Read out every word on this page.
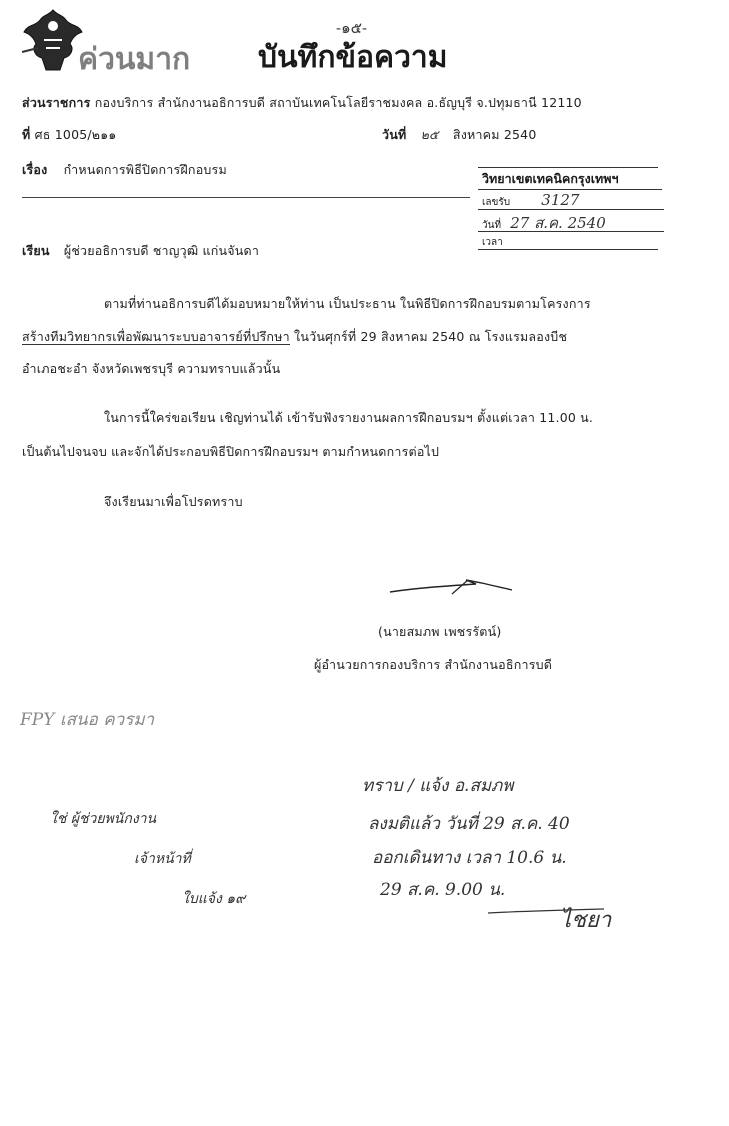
-๑๕-
ค่วนมาก บันทึกข้อความ
ส่วนราชการ กองบริการ สำนักงานอธิการบดี สถาบันเทคโนโลยีราชมงคล อ.ธัญบุรี จ.ปทุมธานี 12110
ที่ ศธ 1005/๒๑๑	วันที่ ๒๕ สิงหาคม 2540
เรื่อง กำหนดการพิธีปิดการฝึกอบรม
วิทยาเขตเทคนิคกรุงเทพฯ
เลขรับ 3127
วันที่ 27 ส.ค. 2540
เวลา
เรียน ผู้ช่วยอธิการบดี ชาญวุฒิ แก่นจันดา
ตามที่ท่านอธิการบดีได้มอบหมายให้ท่าน เป็นประธาน ในพิธีปิดการฝึกอบรมตามโครงการ
สร้างทีมวิทยากรเพื่อพัฒนาระบบอาจารย์ที่ปรึกษา ในวันศุกร์ที่ 29 สิงหาคม 2540 ณ โรงแรมลองบีช
อำเภอชะอำ จังหวัดเพชรบุรี ความทราบแล้วนั้น
ในการนี้ใคร่ขอเรียน เชิญท่านได้ เข้ารับฟังรายงานผลการฝึกอบรมฯ ตั้งแต่เวลา 11.00 น.
เป็นต้นไปจนจบ และจักได้ประกอบพิธีปิดการฝึกอบรมฯ ตามกำหนดการต่อไป
จึงเรียนมาเพื่อโปรดทราบ
(นายสมภพ เพชรรัตน์)
ผู้อำนวยการกองบริการ สำนักงานอธิการบดี
FPY เสนอ ควรมา
ใช่ ผู้ช่วยพนักงาน
เจ้าหน้าที่
ใบแจ้ง ๑๙
ทราบ / แจ้ง อ.สมภพ
ลงมติแล้ว วันที่ 29 ส.ค. 40
ออกเดินทาง เวลา 10.6 น.
29 ส.ค. 9.00 น.
ไชยา
